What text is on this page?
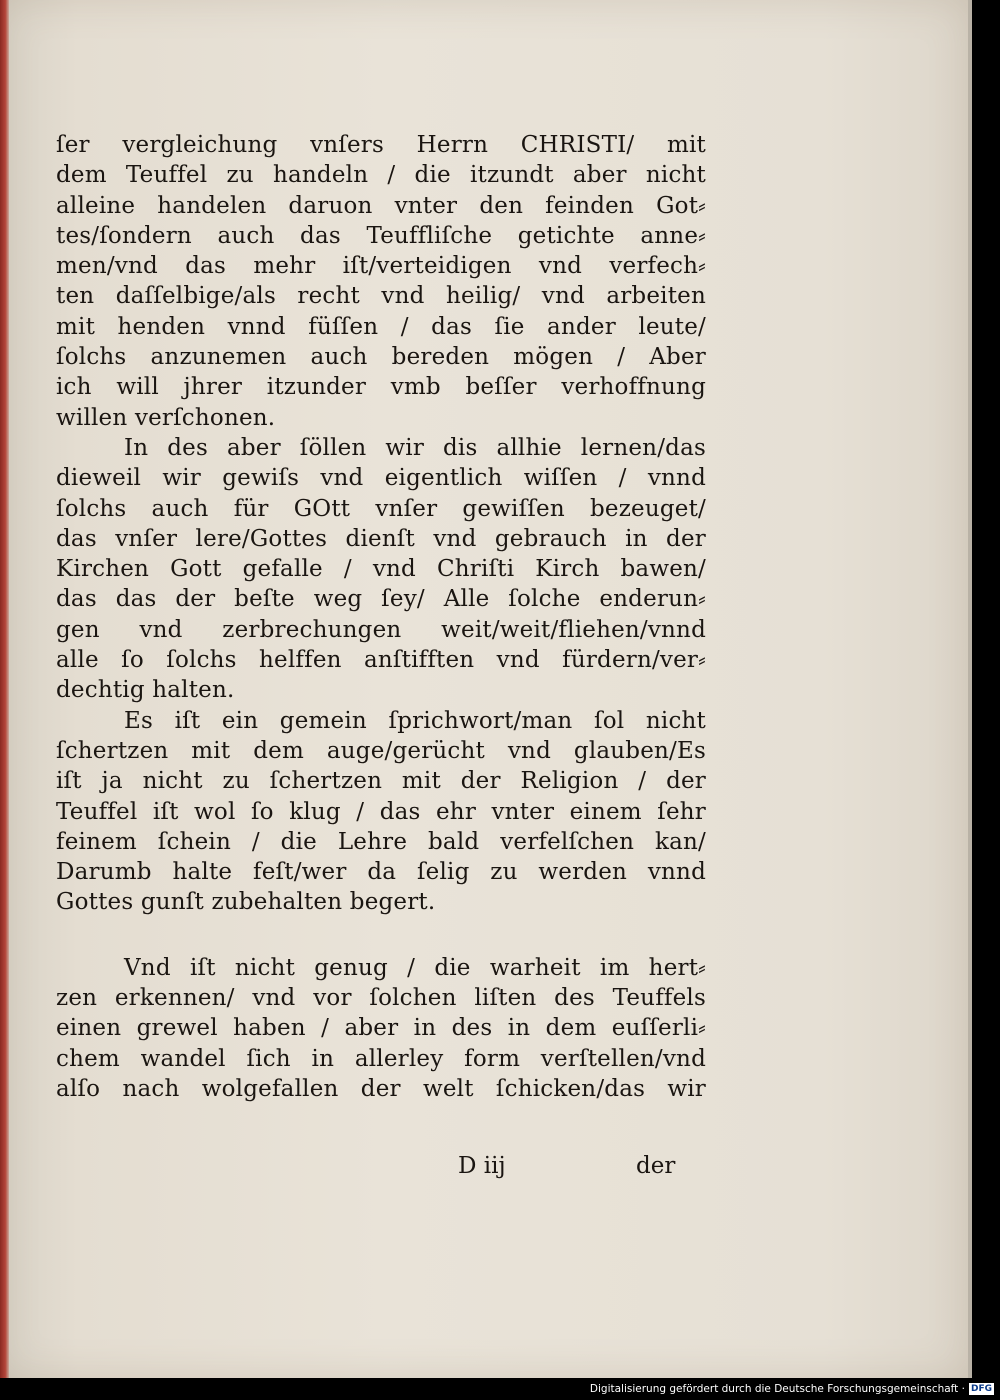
ſer vergleichung vnſers Herrn CHRISTI/ mit
dem Teuffel zu handeln / die itzundt aber nicht
alleine handelen daruon vnter den feinden Got⸗
tes/ſondern auch das Teuffliſche getichte anne⸗
men/vnd das mehr iſt/verteidigen vnd verfech⸗
ten daſſelbige/als recht vnd heilig/ vnd arbeiten
mit henden vnnd füſſen / das ſie ander leute/
ſolchs anzunemen auch bereden mögen / Aber
ich will jhrer itzunder vmb beſſer verhoffnung
willen verſchonen.
In des aber ſöllen wir dis allhie lernen/das
dieweil wir gewiſs vnd eigentlich wiſſen / vnnd
ſolchs auch für GOtt vnſer gewiſſen bezeuget/
das vnſer lere/Gottes dienſt vnd gebrauch in der
Kirchen Gott gefalle / vnd Chriſti Kirch bawen/
das das der beſte weg ſey/ Alle ſolche enderun⸗
gen vnd zerbrechungen weit/weit/fliehen/vnnd
alle ſo ſolchs helffen anſtifften vnd fürdern/ver⸗
dechtig halten.
Es iſt ein gemein ſprichwort/man ſol nicht
ſchertzen mit dem auge/gerücht vnd glauben/Es
iſt ja nicht zu ſchertzen mit der Religion / der
Teuffel iſt wol ſo klug / das ehr vnter einem ſehr
feinem ſchein / die Lehre bald verfelſchen kan/
Darumb halte feſt/wer da ſelig zu werden vnnd
Gottes gunſt zubehalten begert.
Vnd iſt nicht genug / die warheit im hert⸗
zen erkennen/ vnd vor ſolchen liſten des Teuffels
einen grewel haben / aber in des in dem euſſerli⸗
chem wandel ſich in allerley form verſtellen/vnd
alſo nach wolgefallen der welt ſchicken/das wir
D iij	der
Digitalisierung gefördert durch die Deutsche Forschungsgemeinschaft · DFG
